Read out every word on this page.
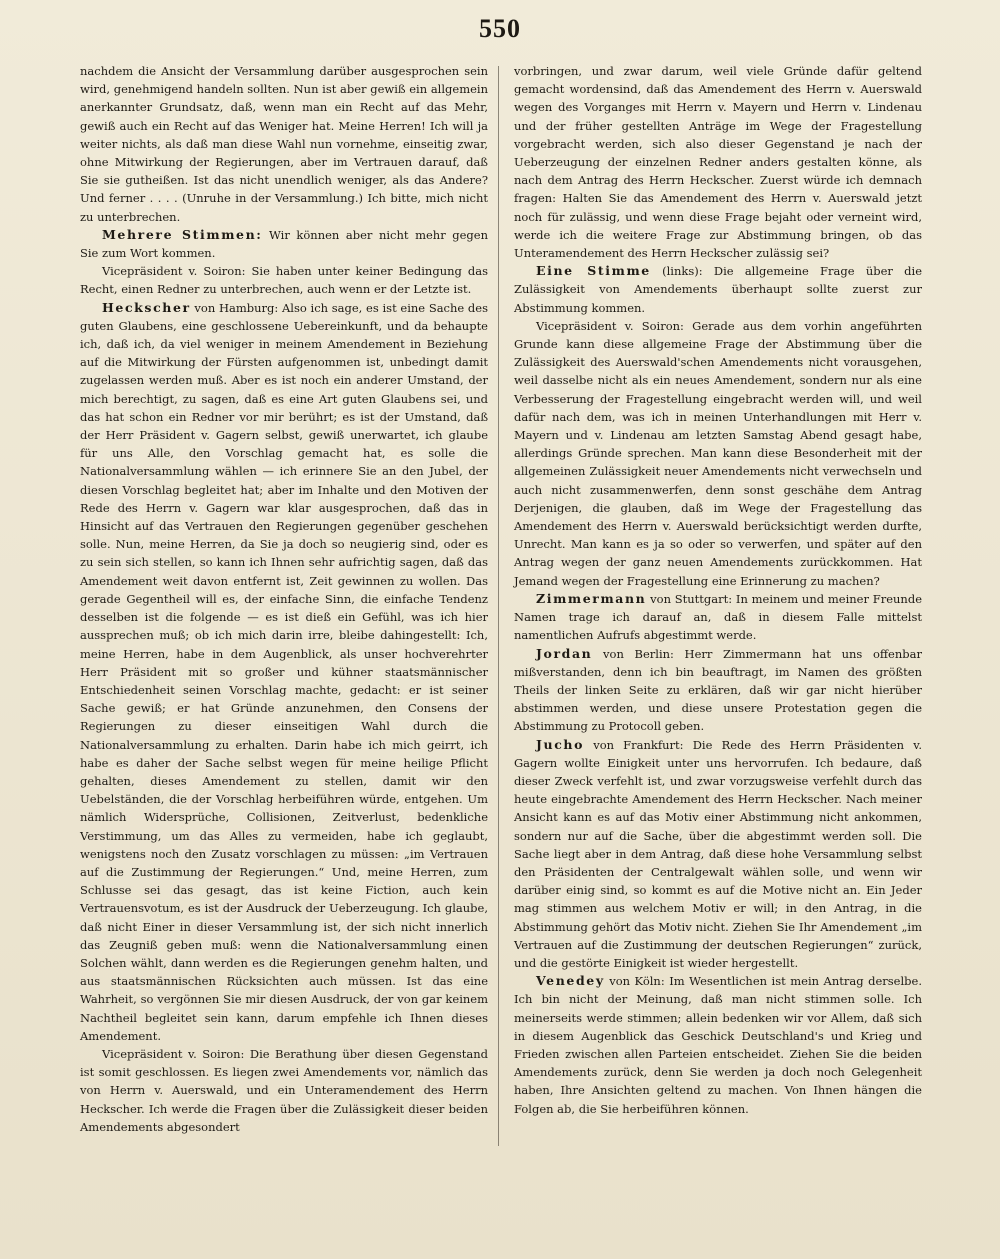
550

nachdem die Ansicht der Versammlung darüber ausgesprochen sein wird, genehmigend handeln sollten. Nun ist aber gewiß ein allgemein anerkannter Grundsatz, daß, wenn man ein Recht auf das Mehr, gewiß auch ein Recht auf das Weniger hat. Meine Herren! Ich will ja weiter nichts, als daß man diese Wahl nun vornehme, einseitig zwar, ohne Mitwirkung der Regierungen, aber im Vertrauen darauf, daß Sie sie gutheißen. Ist das nicht unendlich weniger, als das Andere? Und ferner . . . . (Unruhe in der Versammlung.) Ich bitte, mich nicht zu unterbrechen.

Mehrere Stimmen: Wir können aber nicht mehr gegen Sie zum Wort kommen.

Vicepräsident v. Soiron: Sie haben unter keiner Bedingung das Recht, einen Redner zu unterbrechen, auch wenn er der Letzte ist.

Heckscher von Hamburg: Also ich sage, es ist eine Sache des guten Glaubens, eine geschlossene Uebereinkunft, und da behaupte ich, daß ich, da viel weniger in meinem Amendement in Beziehung auf die Mitwirkung der Fürsten aufgenommen ist, unbedingt damit zugelassen werden muß. Aber es ist noch ein anderer Umstand, der mich berechtigt, zu sagen, daß es eine Art guten Glaubens sei, und das hat schon ein Redner vor mir berührt; es ist der Umstand, daß der Herr Präsident v. Gagern selbst, gewiß unerwartet, ich glaube für uns Alle, den Vorschlag gemacht hat, es solle die Nationalversammlung wählen — ich erinnere Sie an den Jubel, der diesen Vorschlag begleitet hat; aber im Inhalte und den Motiven der Rede des Herrn v. Gagern war klar ausgesprochen, daß das in Hinsicht auf das Vertrauen den Regierungen gegenüber geschehen solle. Nun, meine Herren, da Sie ja doch so neugierig sind, oder es zu sein sich stellen, so kann ich Ihnen sehr aufrichtig sagen, daß das Amendement weit davon entfernt ist, Zeit gewinnen zu wollen. Das gerade Gegentheil will es, der einfache Sinn, die einfache Tendenz desselben ist die folgende — es ist dieß ein Gefühl, was ich hier aussprechen muß; ob ich mich darin irre, bleibe dahingestellt: Ich, meine Herren, habe in dem Augenblick, als unser hochverehrter Herr Präsident mit so großer und kühner staatsmännischer Entschiedenheit seinen Vorschlag machte, gedacht: er ist seiner Sache gewiß; er hat Gründe anzunehmen, den Consens der Regierungen zu dieser einseitigen Wahl durch die Nationalversammlung zu erhalten. Darin habe ich mich geirrt, ich habe es daher der Sache selbst wegen für meine heilige Pflicht gehalten, dieses Amendement zu stellen, damit wir den Uebelständen, die der Vorschlag herbeiführen würde, entgehen. Um nämlich Widersprüche, Collisionen, Zeitverlust, bedenkliche Verstimmung, um das Alles zu vermeiden, habe ich geglaubt, wenigstens noch den Zusatz vorschlagen zu müssen: „im Vertrauen auf die Zustimmung der Regierungen.“ Und, meine Herren, zum Schlusse sei das gesagt, das ist keine Fiction, auch kein Vertrauensvotum, es ist der Ausdruck der Ueberzeugung. Ich glaube, daß nicht Einer in dieser Versammlung ist, der sich nicht innerlich das Zeugniß geben muß: wenn die Nationalversammlung einen Solchen wählt, dann werden es die Regierungen genehm halten, und aus staatsmännischen Rücksichten auch müssen. Ist das eine Wahrheit, so vergönnen Sie mir diesen Ausdruck, der von gar keinem Nachtheil begleitet sein kann, darum empfehle ich Ihnen dieses Amendement.

Vicepräsident v. Soiron: Die Berathung über diesen Gegenstand ist somit geschlossen. Es liegen zwei Amendements vor, nämlich das von Herrn v. Auerswald, und ein Unteramendement des Herrn Heckscher. Ich werde die Fragen über die Zulässigkeit dieser beiden Amendements abgesondert

vorbringen, und zwar darum, weil viele Gründe dafür geltend gemacht wordensind, daß das Amendement des Herrn v. Auerswald wegen des Vorganges mit Herrn v. Mayern und Herrn v. Lindenau und der früher gestellten Anträge im Wege der Fragestellung vorgebracht werden, sich also dieser Gegenstand je nach der Ueberzeugung der einzelnen Redner anders gestalten könne, als nach dem Antrag des Herrn Heckscher. Zuerst würde ich demnach fragen: Halten Sie das Amendement des Herrn v. Auerswald jetzt noch für zulässig, und wenn diese Frage bejaht oder verneint wird, werde ich die weitere Frage zur Abstimmung bringen, ob das Unteramendement des Herrn Heckscher zulässig sei?

Eine Stimme (links): Die allgemeine Frage über die Zulässigkeit von Amendements überhaupt sollte zuerst zur Abstimmung kommen.

Vicepräsident v. Soiron: Gerade aus dem vorhin angeführten Grunde kann diese allgemeine Frage der Abstimmung über die Zulässigkeit des Auerswald'schen Amendements nicht vorausgehen, weil dasselbe nicht als ein neues Amendement, sondern nur als eine Verbesserung der Fragestellung eingebracht werden will, und weil dafür nach dem, was ich in meinen Unterhandlungen mit Herr v. Mayern und v. Lindenau am letzten Samstag Abend gesagt habe, allerdings Gründe sprechen. Man kann diese Besonderheit mit der allgemeinen Zulässigkeit neuer Amendements nicht verwechseln und auch nicht zusammenwerfen, denn sonst geschähe dem Antrag Derjenigen, die glauben, daß im Wege der Fragestellung das Amendement des Herrn v. Auerswald berücksichtigt werden durfte, Unrecht. Man kann es ja so oder so verwerfen, und später auf den Antrag wegen der ganz neuen Amendements zurückkommen. Hat Jemand wegen der Fragestellung eine Erinnerung zu machen?

Zimmermann von Stuttgart: In meinem und meiner Freunde Namen trage ich darauf an, daß in diesem Falle mittelst namentlichen Aufrufs abgestimmt werde.

Jordan von Berlin: Herr Zimmermann hat uns offenbar mißverstanden, denn ich bin beauftragt, im Namen des größten Theils der linken Seite zu erklären, daß wir gar nicht hierüber abstimmen werden, und diese unsere Protestation gegen die Abstimmung zu Protocoll geben.

Jucho von Frankfurt: Die Rede des Herrn Präsidenten v. Gagern wollte Einigkeit unter uns hervorrufen. Ich bedaure, daß dieser Zweck verfehlt ist, und zwar vorzugsweise verfehlt durch das heute eingebrachte Amendement des Herrn Heckscher. Nach meiner Ansicht kann es auf das Motiv einer Abstimmung nicht ankommen, sondern nur auf die Sache, über die abgestimmt werden soll. Die Sache liegt aber in dem Antrag, daß diese hohe Versammlung selbst den Präsidenten der Centralgewalt wählen solle, und wenn wir darüber einig sind, so kommt es auf die Motive nicht an. Ein Jeder mag stimmen aus welchem Motiv er will; in den Antrag, in die Abstimmung gehört das Motiv nicht. Ziehen Sie Ihr Amendement „im Vertrauen auf die Zustimmung der deutschen Regierungen“ zurück, und die gestörte Einigkeit ist wieder hergestellt.

Venedey von Köln: Im Wesentlichen ist mein Antrag derselbe. Ich bin nicht der Meinung, daß man nicht stimmen solle. Ich meinerseits werde stimmen; allein bedenken wir vor Allem, daß sich in diesem Augenblick das Geschick Deutschland's und Krieg und Frieden zwischen allen Parteien entscheidet. Ziehen Sie die beiden Amendements zurück, denn Sie werden ja doch noch Gelegenheit haben, Ihre Ansichten geltend zu machen. Von Ihnen hängen die Folgen ab, die Sie herbeiführen können.
